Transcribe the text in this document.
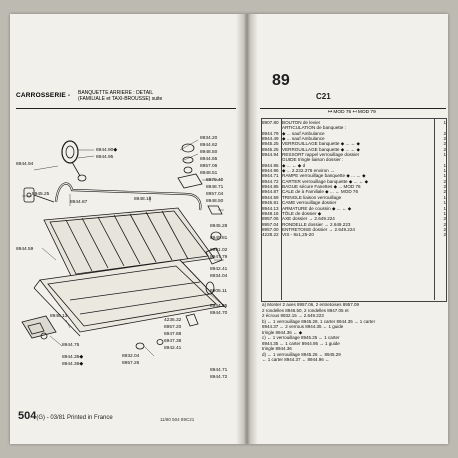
CARROSSERIE -	BANQUETTE ARRIERE : DETAIL
(FAMILIALE et TAXI-BROUSSE) suite
89
C21
8944.90◆
8944.95
8944.94
8945.25
8944.87
8948.16
8944.59
8948.13
8944.75
8944.35◆
8944.36◆
8934.20
8944.62
8948.50
8944.65
8957.06
8948.51
8979.40
8948.71
8957.04
8948.50
8945.28
8945.81
8991.02
8947.79
8942.41
8934.04
6905.11
8944.05
8944.70
4236.32
8957.20
8947.88
6947.38
8942.41
8932.04
8957.26
8944.71
8944.72
↦ MOD 76 ↤ MOD 79
8907.80 BOUTON de levier	1
ARTICULATION de banquette :
8944.79 ◆ ... sauf Ambulance	2
8944.49 ◆ ... sauf Ambulance	2
8945.25 VERROUILLAGE banquette ◆ ... ← ◆	2
8945.25 VERROUILLAGE banquette ◆ ... ← ◆	2
8944.94 RESSORT rappel verrouillage dossier	1
GUIDE tringle liaison dossier :
8944.95 ◆ ... ← ◆ d	1
8944.96 ◆ ... 2.232.376 environ →	1
8944.71 RAMPE verrouillage banquette ◆ ... ← ◆	1
8944.72 CARTER verrouillage banquette ◆ ... ← ◆	2
8944.85 BAGUE sécure Fanettes ◆ ... MOD 76	2
8944.87 CALE de à Familiale ◆ ... ← MOD 76	2
8944.59 TRINGLE liaison verrouillage	1
8945.81 CAME verrouillage dossier	1
8944.13 ARMATURE de coussin ◆ ... ← ◆	1
8948.16 TÔLE de dossier ◆	1
8957.06 AXE dossier → 2.649.224	2
8957.04 RONDELLE dossier → 2.649.223	2
8957.00 ENTRETOISE dossier → 2.649.224	2
4228.22 VIS - 8x1,25-20	2
a) Monter 2 axes 8957.06, 2 entretoises 8957.09
2 rondelles 8946.50, 2 rondelles 8947.05 et
2 écrous 8932.15 → 2.649.223
b) ← 1 verrouillage 8945.28, 1 carter 8944.35 → 1 carter
8944.37 ← 2 verrous 8944.35 ← 1 guide
tringle 8944.36 ← ◆
c) ← 1 verrouillage 8945.25 ← 1 carter
8944.35 ← 1 carter 8944.95 → 1 guide
tringle 8944.36
d) ← 1 verrouillage 8945.26 ← 8945.29
← 1 carter 8944.37 ← 8944.96 ←
504(G) - 03/81 Printed in France	11/80 504 89C21
